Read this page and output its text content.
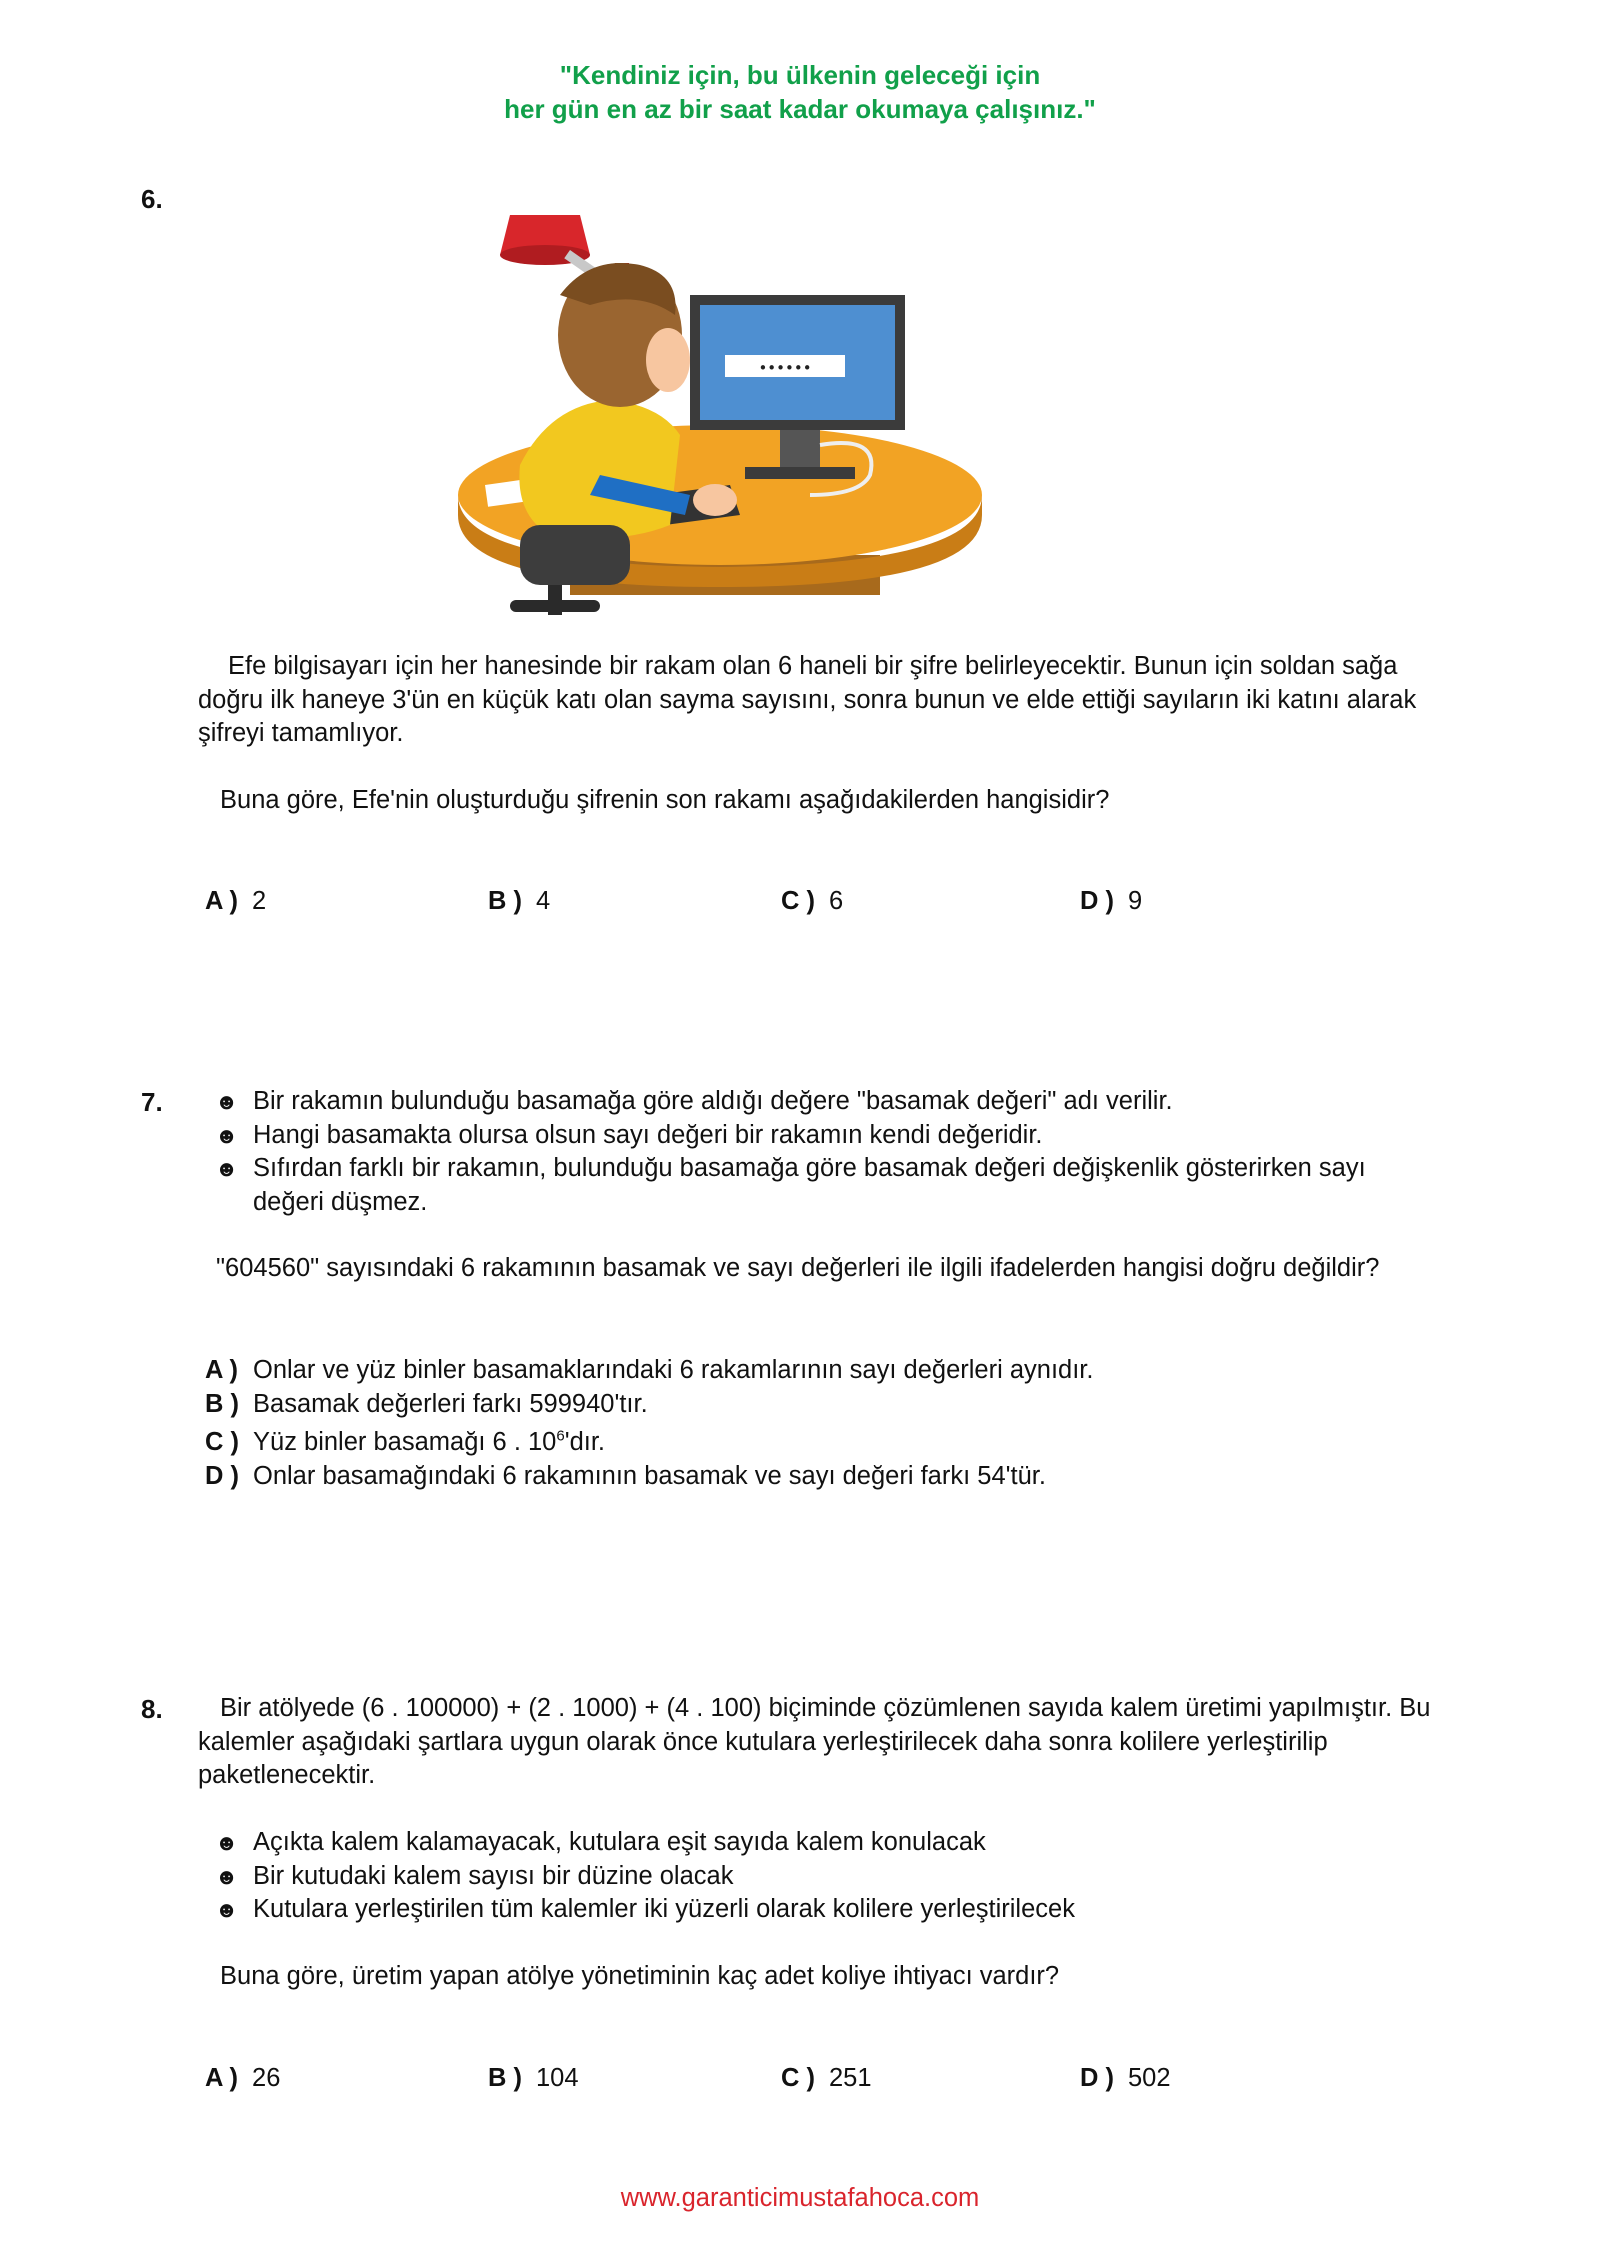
"Kendiniz için, bu ülkenin geleceği için
her gün en az bir saat kadar okumaya çalışınız."
6.
••••••
Efe bilgisayarı için her hanesinde bir rakam olan 6 haneli bir şifre belirleyecektir. Bunun için soldan sağa doğru ilk haneye 3'ün en küçük katı olan sayma sayısını, sonra bunun ve elde ettiği sayıların iki katını alarak şifreyi tamamlıyor.
Buna göre, Efe'nin oluşturduğu şifrenin son rakamı aşağıdakilerden hangisidir?
A ) 2	B ) 4	C ) 6	D ) 9
7. ☻ Bir rakamın bulunduğu basamağa göre aldığı değere "basamak değeri" adı verilir.
☻ Hangi basamakta olursa olsun sayı değeri bir rakamın kendi değeridir.
☻ Sıfırdan farklı bir rakamın, bulunduğu basamağa göre basamak değeri değişkenlik gösterirken sayı değeri düşmez.
"604560" sayısındaki 6 rakamının basamak ve sayı değerleri ile ilgili ifadelerden hangisi doğru değildir?
A ) Onlar ve yüz binler basamaklarındaki 6 rakamlarının sayı değerleri aynıdır.
B ) Basamak değerleri farkı 599940'tır.
C ) Yüz binler basamağı 6 . $10^6'dır$.
D ) Onlar basamağındaki 6 rakamının basamak ve sayı değeri farkı 54'tür.
8.	Bir atölyede (6 . 100000) + (2 . 1000) + (4 . 100) biçiminde çözümlenen sayıda kalem üretimi yapılmıştır. Bu kalemler aşağıdaki şartlara uygun olarak önce kutulara yerleştirilecek daha sonra kolilere yerleştirilip paketlenecektir.
☻ Açıkta kalem kalamayacak, kutulara eşit sayıda kalem konulacak
☻ Bir kutudaki kalem sayısı bir düzine olacak
☻ Kutulara yerleştirilen tüm kalemler iki yüzerli olarak kolilere yerleştirilecek
Buna göre, üretim yapan atölye yönetiminin kaç adet koliye ihtiyacı vardır?
A ) 26	B ) 104	C ) 251	D ) 502
www.garanticimustafahoca.com
